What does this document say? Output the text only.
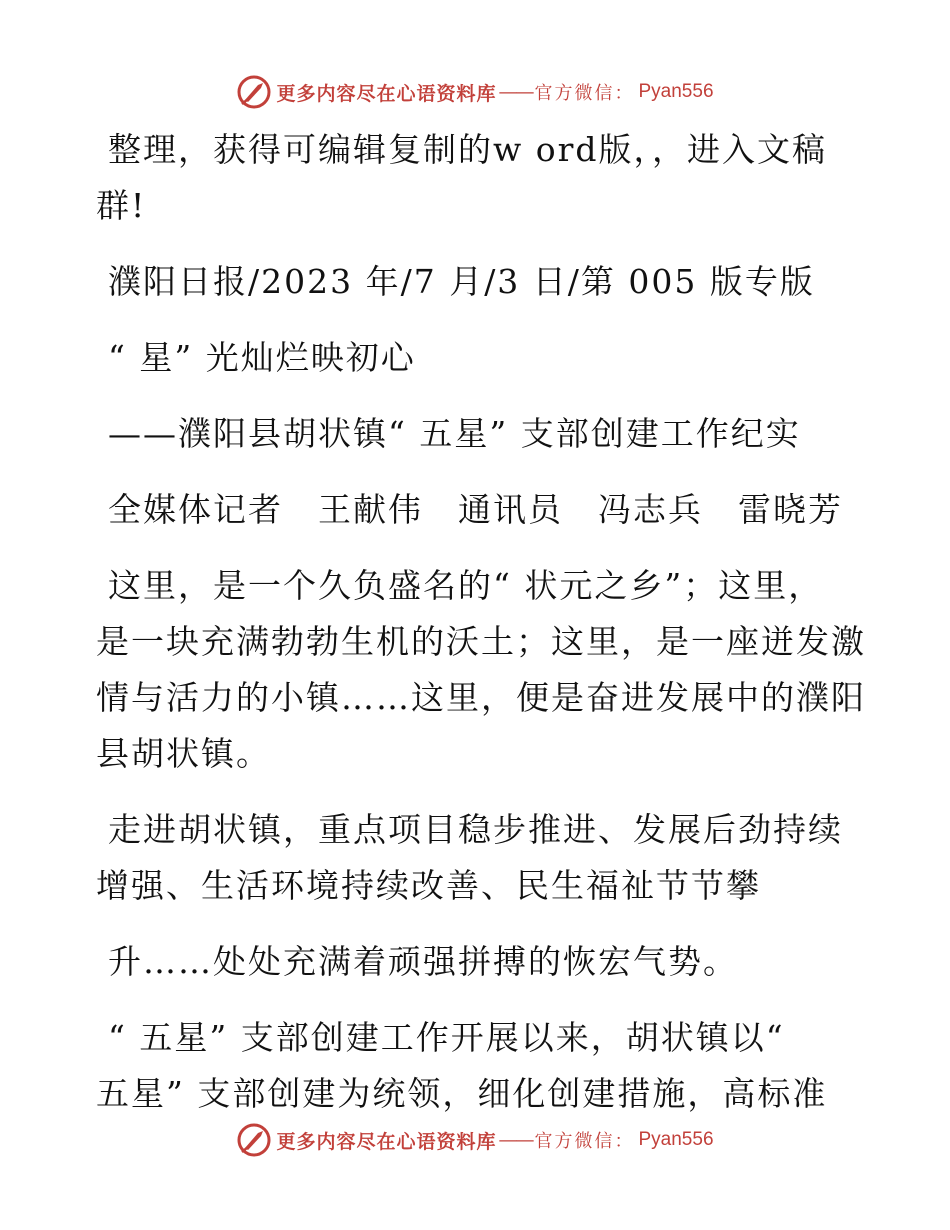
更多内容尽在心语资料库 —— 官方微信： Pyan556
整理，获得可编辑复制的w ord版，，进入文稿
群!
濮阳日报/2023 年/7 月/3 日/第 005 版专版
“ 星” 光灿烂映初心
——濮阳县胡状镇“ 五星” 支部创建工作纪实
全媒体记者　王献伟　通讯员　冯志兵　雷晓芳
这里，是一个久负盛名的“ 状元之乡”；这里，
是一块充满勃勃生机的沃土；这里，是一座迸发激
情与活力的小镇……这里，便是奋进发展中的濮阳
县胡状镇。
走进胡状镇，重点项目稳步推进、发展后劲持续
增强、生活环境持续改善、民生福祉节节攀
升……处处充满着顽强拼搏的恢宏气势。
“ 五星” 支部创建工作开展以来，胡状镇以“
五星” 支部创建为统领，细化创建措施，高标准
更多内容尽在心语资料库 —— 官方微信： Pyan556
